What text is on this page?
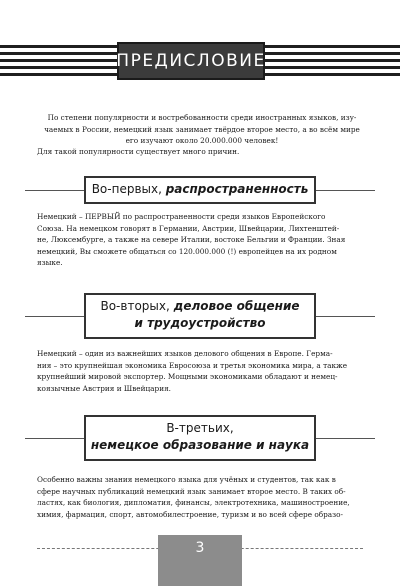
ПРЕДИСЛОВИЕ

По степени популярности и востребованности среди иностранных языков, изу-

чаемых в России, немецкий язык занимает твёрдое второе место, а во всём мире

его изучают около 20.000.000 человек!

Для такой популярности существует много причин.

Во-первых, распространенность

Немецкий – ПЕРВЫЙ по распространенности среди языков Европейского

Союза. На немецком говорят в Германии, Австрии, Швейцарии, Лихтенштей-

не, Люксембурге, а также на севере Италии, востоке Бельгии и Франции. Зная

немецкий, Вы сможете общаться со 120.000.000 (!) европейцев на их родном

языке.

Во-вторых, деловое общение
и трудоустройство

Немецкий – один из важнейших языков делового общения в Европе. Герма-

ния – это крупнейшая экономика Евросоюза и третья экономика мира, а также

крупнейший мировой экспортер. Мощными экономиками обладают и немец-

коязычные Австрия и Швейцария.

В-третьих,
немецкое образование и наука

Особенно важны знания немецкого языка для учёных и студентов, так как в

сфере научных публикаций немецкий язык занимает второе место. В таких об-

ластях, как биология, дипломатия, финансы, электротехника, машиностроение,

химия, фармация, спорт, автомобилестроение, туризм и во всей сфере образо-

3
